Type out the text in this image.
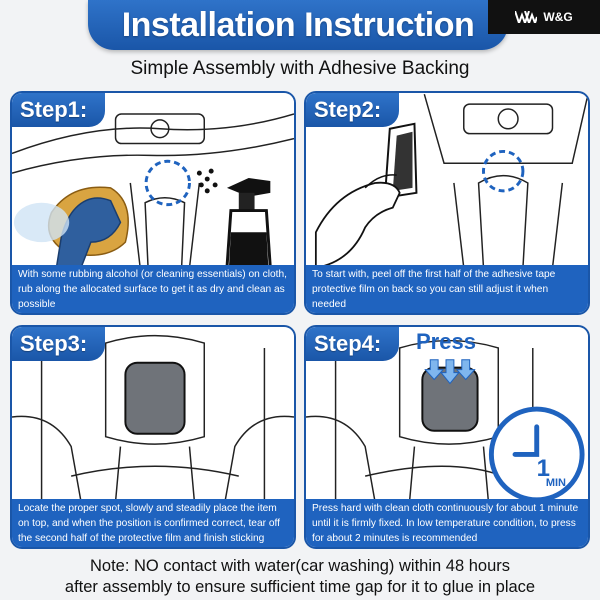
Installation Instruction	W&G
Simple Assembly with Adhesive Backing
Step1:
With some rubbing alcohol (or cleaning essentials) on cloth, rub along the allocated surface to get it as dry and clean as possible
Step2:
To start with, peel off the first half of the adhesive tape protective film on back so you can still adjust it when needed
Step3:
Locate the proper spot, slowly and steadily place the item on top, and when the position is confirmed correct, tear off the second half of the protective film and finish sticking
Step4:	Press
1
MIN
Press hard with clean cloth continuously for about 1 minute until it is firmly fixed. In low temperature condition, to press for about 2 minutes is recommended
Note: NO contact with water(car washing) within 48 hours
after assembly to ensure sufficient time gap for it to glue in place
